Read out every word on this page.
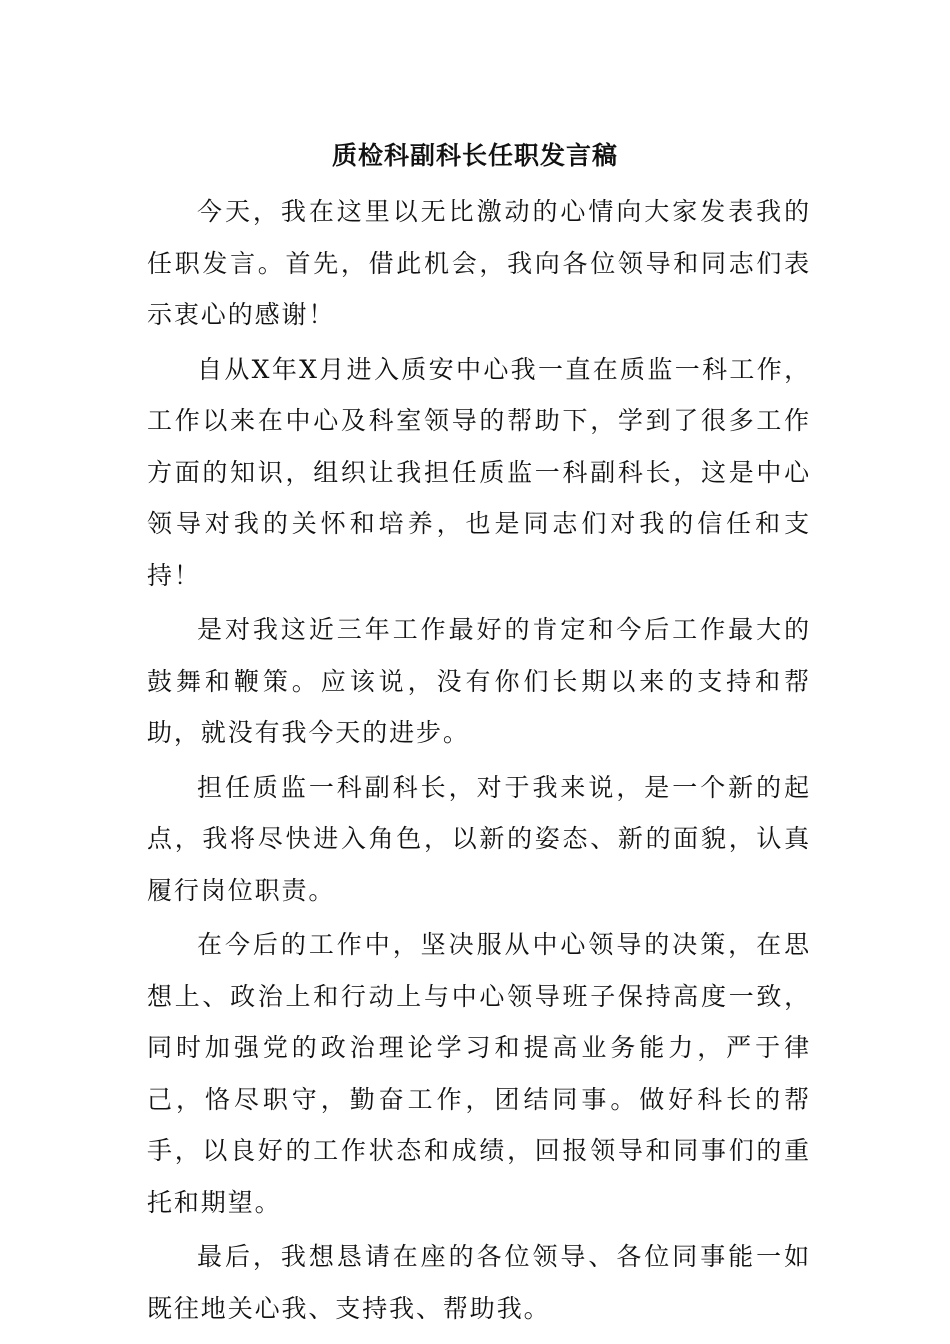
质检科副科长任职发言稿

今天，我在这里以无比激动的心情向大家发表我的任职发言。首先，借此机会，我向各位领导和同志们表示衷心的感谢！

自从X年X月进入质安中心我一直在质监一科工作，工作以来在中心及科室领导的帮助下，学到了很多工作方面的知识，组织让我担任质监一科副科长，这是中心领导对我的关怀和培养，也是同志们对我的信任和支持！

是对我这近三年工作最好的肯定和今后工作最大的鼓舞和鞭策。应该说，没有你们长期以来的支持和帮助，就没有我今天的进步。

担任质监一科副科长，对于我来说，是一个新的起点，我将尽快进入角色，以新的姿态、新的面貌，认真履行岗位职责。

在今后的工作中，坚决服从中心领导的决策，在思想上、政治上和行动上与中心领导班子保持高度一致，同时加强党的政治理论学习和提高业务能力，严于律己，恪尽职守，勤奋工作，团结同事。做好科长的帮手，以良好的工作状态和成绩，回报领导和同事们的重托和期望。

最后，我想恳请在座的各位领导、各位同事能一如既往地关心我、支持我、帮助我。
